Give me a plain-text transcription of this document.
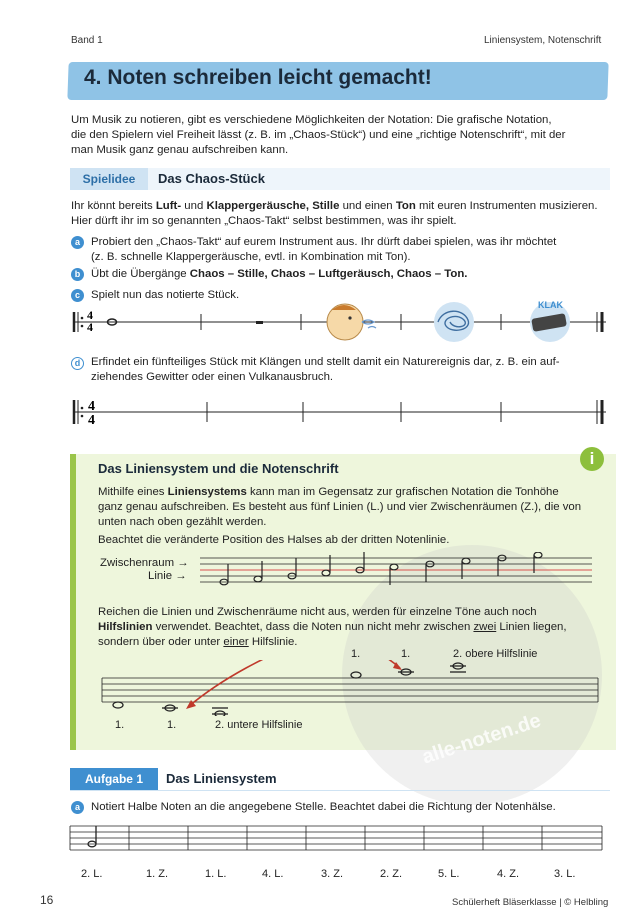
Band 1	Liniensystem, Notenschrift
4. Noten schreiben leicht gemacht!
Um Musik zu notieren, gibt es verschiedene Möglichkeiten der Notation: Die grafische Notation,
die den Spielern viel Freiheit lässt (z. B. im „Chaos-Stück“) und eine „richtige Notenschrift“, mit der
man Musik ganz genau aufschreiben kann.
Spielidee	Das Chaos-Stück
Ihr könnt bereits Luft- und Klappergeräusche, Stille und einen Ton mit euren Instrumenten musizieren.
Hier dürft ihr im so genannten „Chaos-Takt“ selbst bestimmen, was ihr spielt.
a Probiert den „Chaos-Takt“ auf eurem Instrument aus. Ihr dürft dabei spielen, was ihr möchtet
(z. B. schnelle Klappergeräusche, evtl. in Kombination mit Ton).
b Übt die Übergänge Chaos – Stille, Chaos – Luftgeräusch, Chaos – Ton.
c Spielt nun das notierte Stück.
4
4
KLAK
d Erfindet ein fünfteiliges Stück mit Klängen und stellt damit ein Naturereignis dar, z. B. ein auf-
ziehendes Gewitter oder einen Vulkanausbruch.
4
4
alle-noten.de
i
Das Liniensystem und die Notenschrift
Mithilfe eines Liniensystems kann man im Gegensatz zur grafischen Notation die Tonhöhe
ganz genau aufschreiben. Es besteht aus fünf Linien (L.) und vier Zwischenräumen (Z.), die von
unten nach oben gezählt werden.
Beachtet die veränderte Position des Halses ab der dritten Notenlinie.
Zwischenraum →
Linie →
Reichen die Linien und Zwischenräume nicht aus, werden für einzelne Töne auch noch
Hilfslinien verwendet. Beachtet, dass die Noten nun nicht mehr zwischen zwei Linien liegen,
sondern über oder unter einer Hilfslinie.
1.	1.	2. obere Hilfslinie
1.	1.	2. untere Hilfslinie
Aufgabe 1	Das Liniensystem
a Notiert Halbe Noten an die angegebene Stelle. Beachtet dabei die Richtung der Notenhälse.
2. L.	1. Z.	1. L.	4. L.	3. Z.	2. Z.	5. L.	4. Z.	3. L.
16	Schülerheft Bläserklasse | © Helbling
